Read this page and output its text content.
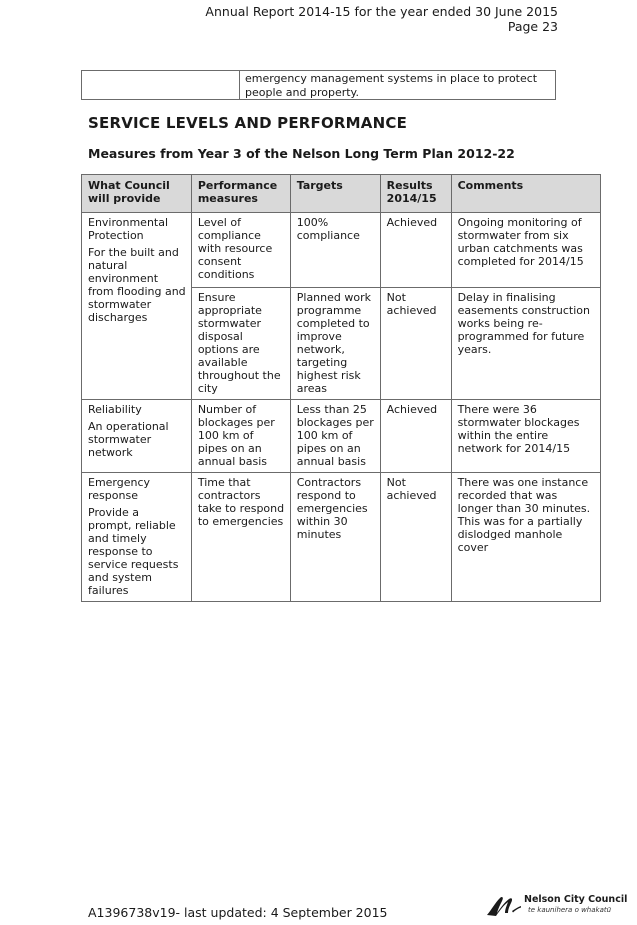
Annual Report 2014-15 for the year ended 30 June 2015
Page 23
emergency management systems in place to protect
people and property.
SERVICE LEVELS AND PERFORMANCE
Measures from Year 3 of the Nelson Long Term Plan 2012-22
What Council will provide	Performance measures	Targets	Results 2014/15	Comments

Environmental Protection
For the built and natural environment from flooding and stormwater discharges	Level of compliance with resource consent conditions	100% compliance	Achieved	Ongoing monitoring of stormwater from six urban catchments was completed for 2014/15
	Ensure appropriate stormwater disposal options are available throughout the city	Planned work programme completed to improve network, targeting highest risk areas	Not achieved	Delay in finalising easements construction works being re-programmed for future years.

Reliability
An operational stormwater network	Number of blockages per 100 km of pipes on an annual basis	Less than 25 blockages per 100 km of pipes on an annual basis	Achieved	There were 36 stormwater blockages within the entire network for 2014/15

Emergency response
Provide a prompt, reliable and timely response to service requests and system failures	Time that contractors take to respond to emergencies	Contractors respond to emergencies within 30 minutes	Not achieved	There was one instance recorded that was longer than 30 minutes. This was for a partially dislodged manhole cover
A1396738v19- last updated: 4 September 2015
Nelson City Council
te kaunihera o whakatū
